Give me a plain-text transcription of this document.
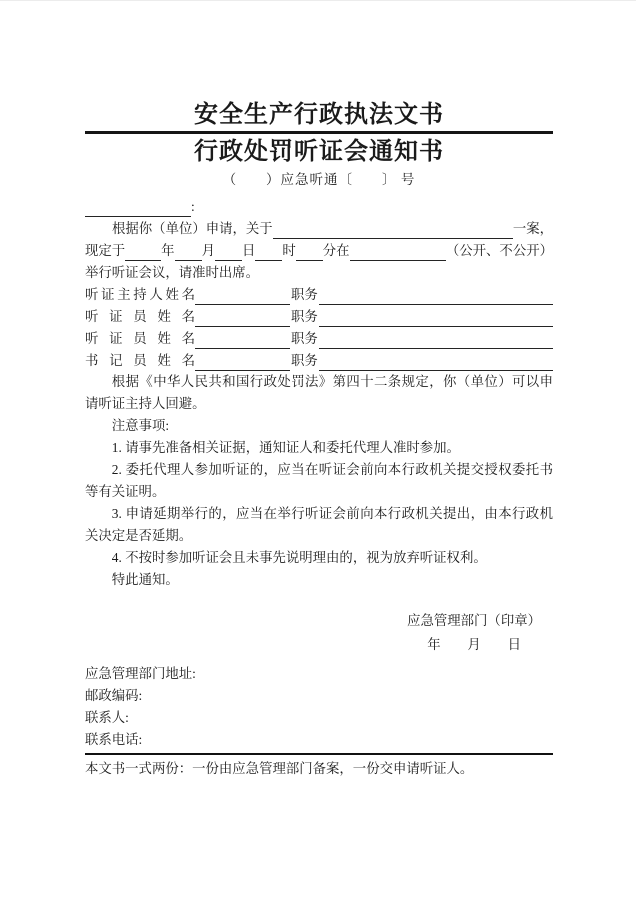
安全生产行政执法文书
行政处罚听证会通知书
（　　）应急听通〔　　〕 号
:
根据你（单位）申请，关于	一案，
现定于	年 月 日 时 分在	（公开、不公开）
举行听证会议，请准时出席。
听证主持人姓名	职务
听证员姓名	职务
听证员姓名	职务
书记员姓名	职务

根据《中华人民共和国行政处罚法》第四十二条规定，你（单位）可以申请听证主持人回避。

注意事项:

1. 请事先准备相关证据，通知证人和委托代理人准时参加。

2. 委托代理人参加听证的，应当在听证会前向本行政机关提交授权委托书等有关证明。

3. 申请延期举行的，应当在举行听证会前向本行政机关提出，由本行政机关决定是否延期。

4. 不按时参加听证会且未事先说明理由的，视为放弃听证权利。

特此通知。

应急管理部门（印章）
年　　月　　日
应急管理部门地址:
邮政编码:
联系人:
联系电话:

本文书一式两份：一份由应急管理部门备案，一份交申请听证人。
